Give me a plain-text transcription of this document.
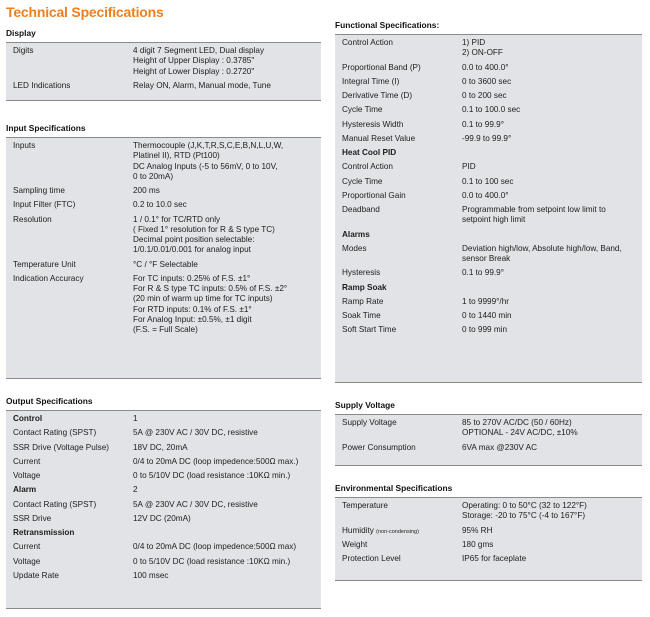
Technical Specifications
Display
Digits	4 digit 7 Segment LED, Dual display
Height of Upper Display : 0.3785"
Height of Lower Display : 0.2720"
LED Indications	Relay ON, Alarm, Manual mode, Tune
Input Specifications
Inputs	Thermocouple (J,K,T,R,S,C,E,B,N,L,U,W,
Platinel II), RTD (Pt100)
DC Analog Inputs (-5 to 56mV, 0 to 10V,
0 to 20mA)
Sampling time	200 ms
Input Filter (FTC)	0.2 to 10.0 sec
Resolution	1 / 0.1° for TC/RTD only
( Fixed 1° resolution for R & S type TC)
Decimal point position selectable:
1/0.1/0.01/0.001 for analog input
Temperature Unit	°C / °F Selectable
Indication Accuracy	For TC inputs: 0.25% of F.S. ±1°
For R & S type TC inputs: 0.5% of F.S. ±2°
(20 min of warm up time for TC inputs)
For RTD inputs: 0.1% of F.S. ±1°
For Analog Input: ±0.5%, ±1 digit
(F.S. = Full Scale)
Output Specifications
Control	1
Contact Rating (SPST)	5A @ 230V AC / 30V DC, resistive
SSR Drive (Voltage Pulse)	18V DC, 20mA
Current	0/4 to 20mA DC (loop impedence:500Ω max.)
Voltage	0 to 5/10V DC (load resistance :10KΩ min.)
Alarm	2
Contact Rating (SPST)	5A @ 230V AC / 30V DC, resistive
SSR Drive	12V DC (20mA)
Retransmission
Current	0/4 to 20mA DC (loop impedence:500Ω max)
Voltage	0 to 5/10V DC (load resistance :10KΩ min.)
Update Rate	100 msec
Functional Specifications:
Control Action	1) PID
2) ON-OFF
Proportional Band (P)	0.0 to 400.0°
Integral Time (I)	0 to 3600 sec
Derivative Time (D)	0 to 200 sec
Cycle Time	0.1 to 100.0 sec
Hysteresis Width	0.1 to 99.9°
Manual Reset Value	-99.9 to 99.9°
Heat Cool PID
Control Action	PID
Cycle Time	0.1 to 100 sec
Proportional Gain	0.0 to 400.0°
Deadband	Programmable from setpoint low limit to
setpoint high limit
Alarms
Modes	Deviation high/low, Absolute high/low, Band,
sensor Break
Hysteresis	0.1 to 99.9°
Ramp Soak
Ramp Rate	1 to 9999°/hr
Soak Time	0 to 1440 min
Soft Start Time	0 to 999 min
Supply Voltage
Supply Voltage	85 to 270V AC/DC (50 / 60Hz)
OPTIONAL - 24V AC/DC, ±10%
Power Consumption	6VA max @230V AC
Environmental Specifications
Temperature	Operating: 0 to 50°C (32 to 122°F)
Storage: -20 to 75°C (-4 to 167°F)
Humidity (non-condensing)	95% RH
Weight	180 gms
Protection Level	IP65 for faceplate
